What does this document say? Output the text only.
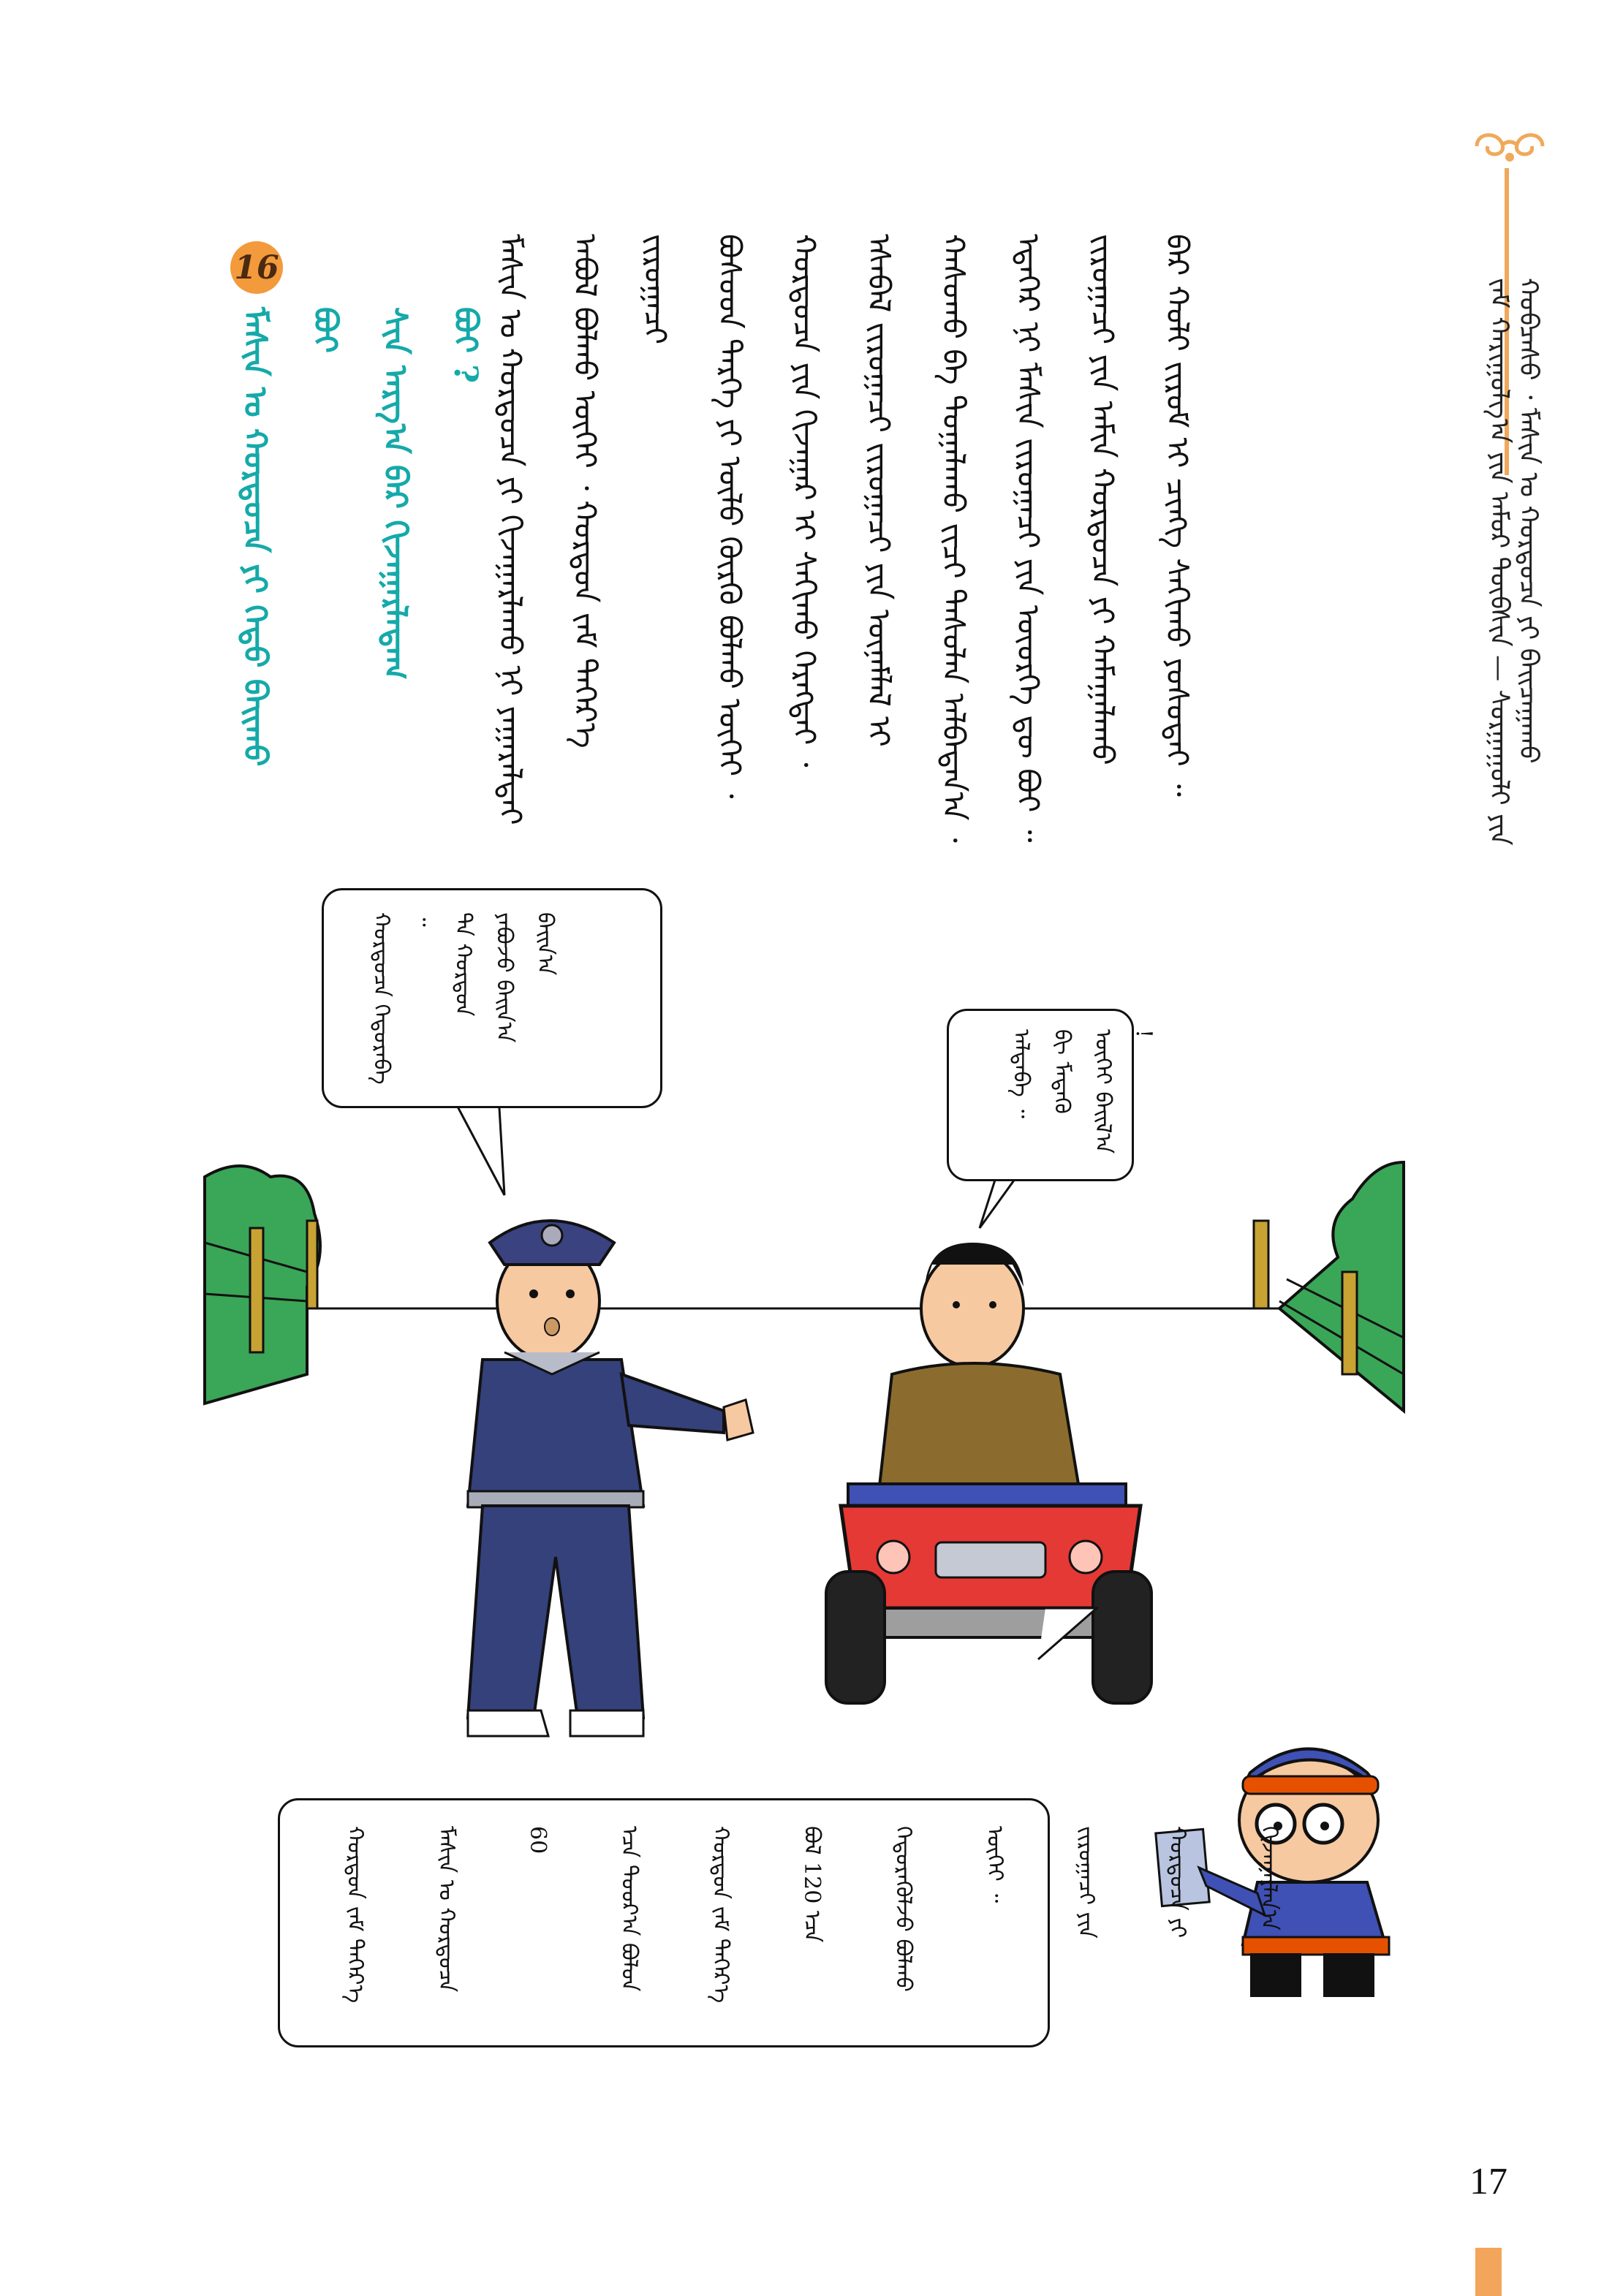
ᠵᠠᠮ ᠬᠠᠷᠢᠭᠤᠯᠭ᠎ᠠ ᠶᠢᠨ ᠠᠮᠤᠷ ᠲᠦᠪᠰᠢᠨ — ᠰᠤᠷᠭᠠᠭᠤᠯᠢ ᠶᠢᠨ ᠬᠤᠪᠴᠠᠰᠤ ᠂ ᠮᠠᠰᠢᠨ ᠤ ᠬᠤᠷᠳᠤᠴᠠ ᠶᠢ ᠪᠠᠢᠴᠠᠭᠠᠬᠤ
ᠮᠠᠰᠢᠨ ᠤ ᠬᠤᠷᠳᠤᠴᠠ ᠶᠢ ᠬᠢᠵᠠᠭᠠᠷᠯᠠᠬᠤ ᠨᠢ ᠶᠠᠭᠠᠷᠠᠯᠲᠠᠢ	ᠠᠪᠤᠯ ᠪᠣᠯᠬᠤ ᠦᠭᠡᠢ ᠂ ᠬᠤᠷᠳᠤᠨ ᠵᠠᠮ ᠳᠡᠭᠡᠷ᠎ᠡ ᠵᠢᠷᠤᠭᠠᠴᠢ	ᠪᠤᠰᠤᠳ ᠲᠡᠷᠭᠡ ᠶᠢ ᠦᠯᠦ ᠬᠦᠷᠬᠦ ᠪᠣᠯᠬᠤ ᠦᠭᠡᠢ ᠂	ᠬᠤᠷᠳᠤᠴᠠ ᠶᠢᠨ ᠬᠢᠵᠠᠭᠠᠷ ᠢ ᠰᠠᠬᠢᠬᠤ ᠬᠡᠷᠡᠭᠲᠡᠢ ᠂	ᠡᠰᠡᠪᠡᠯ ᠵᠢᠷᠤᠭᠠᠴᠢ ᠵᠢᠷᠤᠭᠠᠴᠢ ᠶᠢᠨ ᠦᠨᠡᠮᠯᠡᠯ ᠢ	ᠬᠠᠰᠤᠬᠤ ᠪᠠ ᠲᠣᠭᠠᠯᠠᠬᠤ ᠵᠢᠴᠢ ᠲᠠᠰᠤᠯᠠᠨ ᠠᠯᠪᠠᠳᠠᠨ᠎ᠠ ᠂	ᠡᠳᠡᠭᠡᠷ ᠨᠢ ᠮᠠᠰᠢᠨ ᠵᠢᠷᠤᠭᠠᠴᠢ ᠶᠢᠨ ᠦᠦᠷᠭᠡ ᠳᠦ ᠪᠤᠢ ᠃	ᠵᠢᠷᠤᠭᠠᠴᠢ ᠶᠢᠨ ᠠᠮᠢᠨ ᠬᠤᠷᠳᠤᠴᠠ ᠶᠢ ᠬᠠᠮᠠᠭᠠᠯᠠᠬᠤ	ᠪᠡᠷ ᠬᠤᠯᠢ ᠵᠢᠷᠤᠮ ᠢ ᠴᠢᠩᠭ ᠰᠠᠬᠢᠬᠤ ᠶᠣᠰᠤᠲᠠᠢ ᠃
16
ᠮᠠᠰᠢᠨ ᠤ ᠬᠤᠷᠳᠤᠴᠠ ᠶᠢ ᠬᠡᠳᠦ ᠪᠠᠢᠬᠤ ᠪᠤᠢ	ᠰᠢᠨ ᠠᠷᠭ᠎ᠠ ᠪᠡᠷ ᠬᠢᠵᠠᠭᠠᠷᠯᠠᠳᠠᠭ	ᠪᠤᠢ ?
ᠬᠤᠷᠳᠤᠴᠠ ᠬᠡᠳᠦᠷᠡᠪᠡ ᠃ ᠲᠠ ᠬᠤᠷᠳᠤᠨ ᠶᠠᠪᠤᠵᠤ ᠪᠠᠢᠨ᠎ᠠ ᠪᠠᠢᠨ᠎ᠠ
ᠠᠯᠳᠠᠪᠠ ᠃ ᠪᠢ ᠮᠡᠳᠡᠬᠦ ᠦᠭᠡᠢ ᠪᠠᠢᠯ᠎ᠠ !
ᠬᠤᠷᠳᠤᠨ ᠵᠠᠮ ᠳᠡᠭᠡᠷ᠎ᠡ	ᠮᠠᠰᠢᠨ ᠤ ᠬᠤᠷᠳᠤᠴᠠ 60	ᠡᠴᠡ ᠳᠣᠣᠷ᠎ᠠ ᠪᠣᠯᠤᠨ	ᠬᠤᠷᠳᠤᠨ ᠵᠠᠮ ᠳᠡᠭᠡᠷ᠎ᠡ	ᠪᠣᠯ 120 ᠡᠴᠡ	ᠬᠡᠲᠦᠷᠡᠭᠦᠯᠵᠦ ᠪᠣᠯᠬᠤ ᠦᠭᠡᠢ ᠃	ᠵᠢᠷᠤᠭᠠᠴᠢ ᠶᠢᠨ	ᠬᠤᠷᠳᠤᠴᠠ ᠶᠢ ᠬᠢᠵᠠᠭᠠᠷᠯᠠᠨ᠎ᠠ
17
